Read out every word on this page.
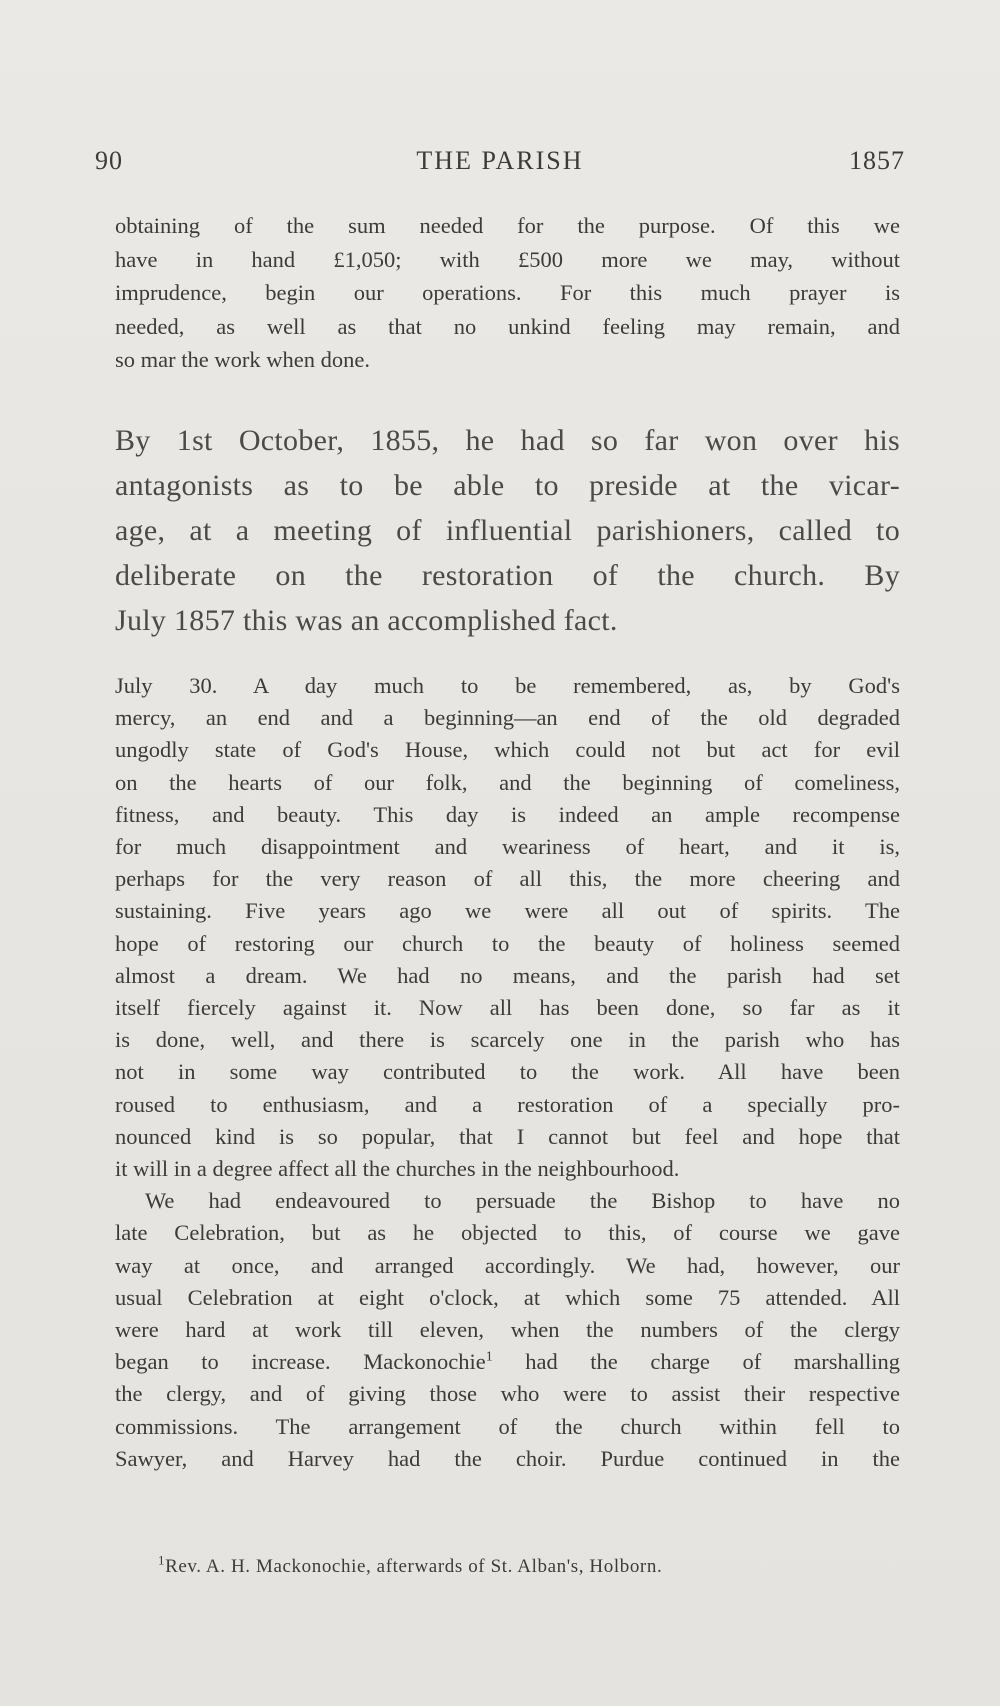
90	THE PARISH	1857
obtaining of the sum needed for the purpose. Of this we
have in hand £1,050; with £500 more we may, without
imprudence, begin our operations. For this much prayer is
needed, as well as that no unkind feeling may remain, and
so mar the work when done.
By 1st October, 1855, he had so far won over his
antagonists as to be able to preside at the vicar-
age, at a meeting of influential parishioners, called to
deliberate on the restoration of the church. By
July 1857 this was an accomplished fact.
July 30. A day much to be remembered, as, by God's
mercy, an end and a beginning—an end of the old degraded
ungodly state of God's House, which could not but act for evil
on the hearts of our folk, and the beginning of comeliness,
fitness, and beauty. This day is indeed an ample recompense
for much disappointment and weariness of heart, and it is,
perhaps for the very reason of all this, the more cheering and
sustaining. Five years ago we were all out of spirits. The
hope of restoring our church to the beauty of holiness seemed
almost a dream. We had no means, and the parish had set
itself fiercely against it. Now all has been done, so far as it
is done, well, and there is scarcely one in the parish who has
not in some way contributed to the work. All have been
roused to enthusiasm, and a restoration of a specially pro-
nounced kind is so popular, that I cannot but feel and hope that
it will in a degree affect all the churches in the neighbourhood.
We had endeavoured to persuade the Bishop to have no
late Celebration, but as he objected to this, of course we gave
way at once, and arranged accordingly. We had, however, our
usual Celebration at eight o'clock, at which some 75 attended. All
were hard at work till eleven, when the numbers of the clergy
began to increase. Mackonochie$^1$ had the charge of marshalling
the clergy, and of giving those who were to assist their respective
commissions. The arrangement of the church within fell to
Sawyer, and Harvey had the choir. Purdue continued in the
$^1$Rev. A. H. Mackonochie, afterwards of St. Alban's, Holborn.
